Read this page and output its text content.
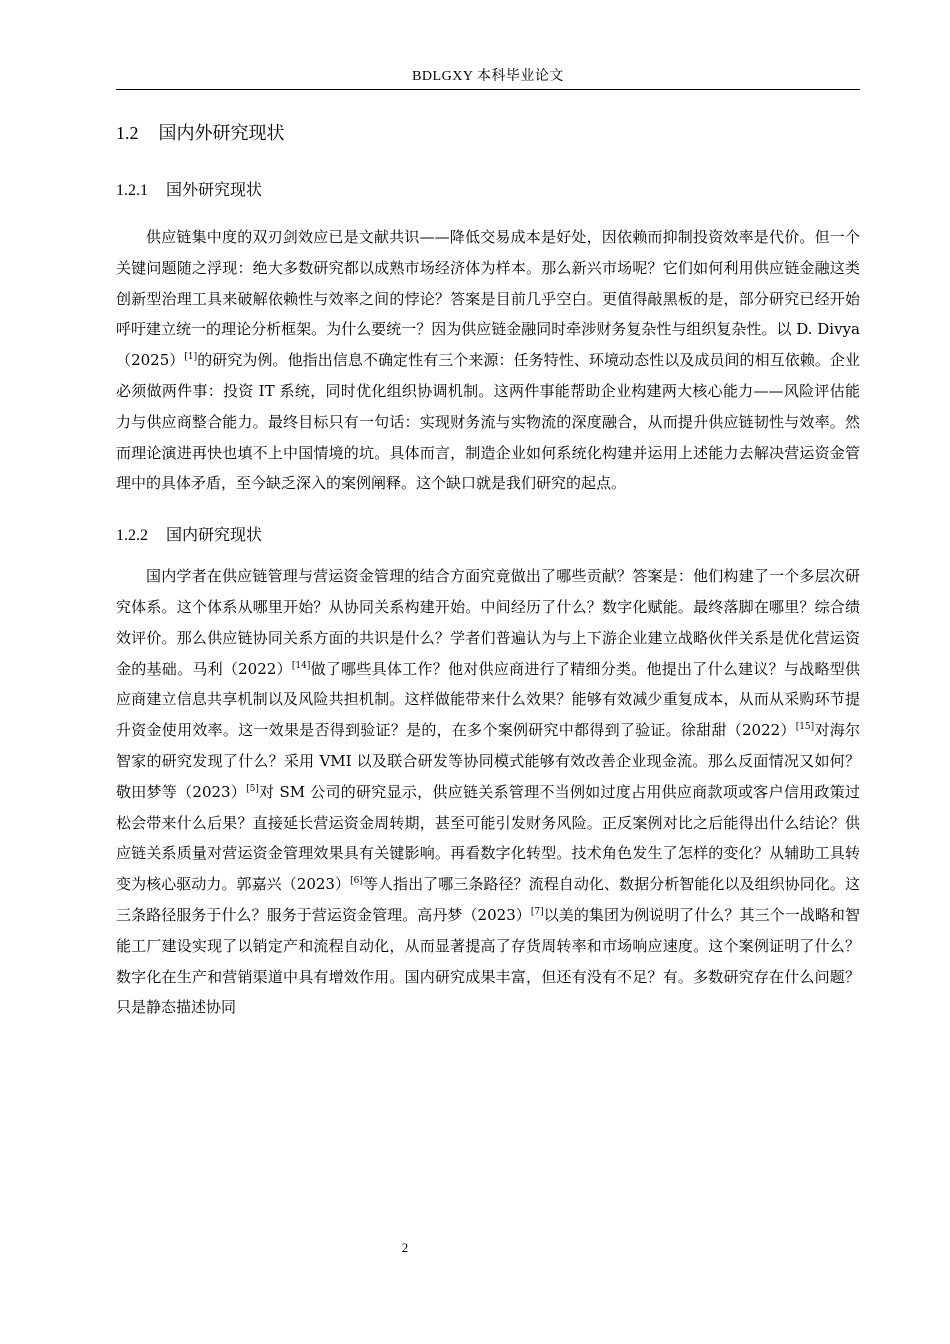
BDLGXY 本科毕业论文
1.2 国内外研究现状
1.2.1 国外研究现状

供应链集中度的双刃剑效应已是文献共识——降低交易成本是好处，因依赖而抑制投资效率是代价。但一个关键问题随之浮现：绝大多数研究都以成熟市场经济体为样本。那么新兴市场呢？它们如何利用供应链金融这类创新型治理工具来破解依赖性与效率之间的悖论？答案是目前几乎空白。更值得敲黑板的是，部分研究已经开始呼吁建立统一的理论分析框架。为什么要统一？因为供应链金融同时牵涉财务复杂性与组织复杂性。以 D. Divya（2025）[1]的研究为例。他指出信息不确定性有三个来源：任务特性、环境动态性以及成员间的相互依赖。企业必须做两件事：投资 IT 系统，同时优化组织协调机制。这两件事能帮助企业构建两大核心能力——风险评估能力与供应商整合能力。最终目标只有一句话：实现财务流与实物流的深度融合，从而提升供应链韧性与效率。然而理论演进再快也填不上中国情境的坑。具体而言，制造企业如何系统化构建并运用上述能力去解决营运资金管理中的具体矛盾，至今缺乏深入的案例阐释。这个缺口就是我们研究的起点。

1.2.2 国内研究现状

国内学者在供应链管理与营运资金管理的结合方面究竟做出了哪些贡献？答案是：他们构建了一个多层次研究体系。这个体系从哪里开始？从协同关系构建开始。中间经历了什么？数字化赋能。最终落脚在哪里？综合绩效评价。那么供应链协同关系方面的共识是什么？学者们普遍认为与上下游企业建立战略伙伴关系是优化营运资金的基础。马利（2022）[14]做了哪些具体工作？他对供应商进行了精细分类。他提出了什么建议？与战略型供应商建立信息共享机制以及风险共担机制。这样做能带来什么效果？能够有效减少重复成本，从而从采购环节提升资金使用效率。这一效果是否得到验证？是的，在多个案例研究中都得到了验证。徐甜甜（2022）[15]对海尔智家的研究发现了什么？采用 VMI 以及联合研发等协同模式能够有效改善企业现金流。那么反面情况又如何？敬田梦等（2023）[5]对 SM 公司的研究显示，供应链关系管理不当例如过度占用供应商款项或客户信用政策过松会带来什么后果？直接延长营运资金周转期，甚至可能引发财务风险。正反案例对比之后能得出什么结论？供应链关系质量对营运资金管理效果具有关键影响。再看数字化转型。技术角色发生了怎样的变化？从辅助工具转变为核心驱动力。郭嘉兴（2023）[6]等人指出了哪三条路径？流程自动化、数据分析智能化以及组织协同化。这三条路径服务于什么？服务于营运资金管理。高丹梦（2023）[7]以美的集团为例说明了什么？其三个一战略和智能工厂建设实现了以销定产和流程自动化，从而显著提高了存货周转率和市场响应速度。这个案例证明了什么？数字化在生产和营销渠道中具有增效作用。国内研究成果丰富，但还有没有不足？有。多数研究存在什么问题？只是静态描述协同

2
